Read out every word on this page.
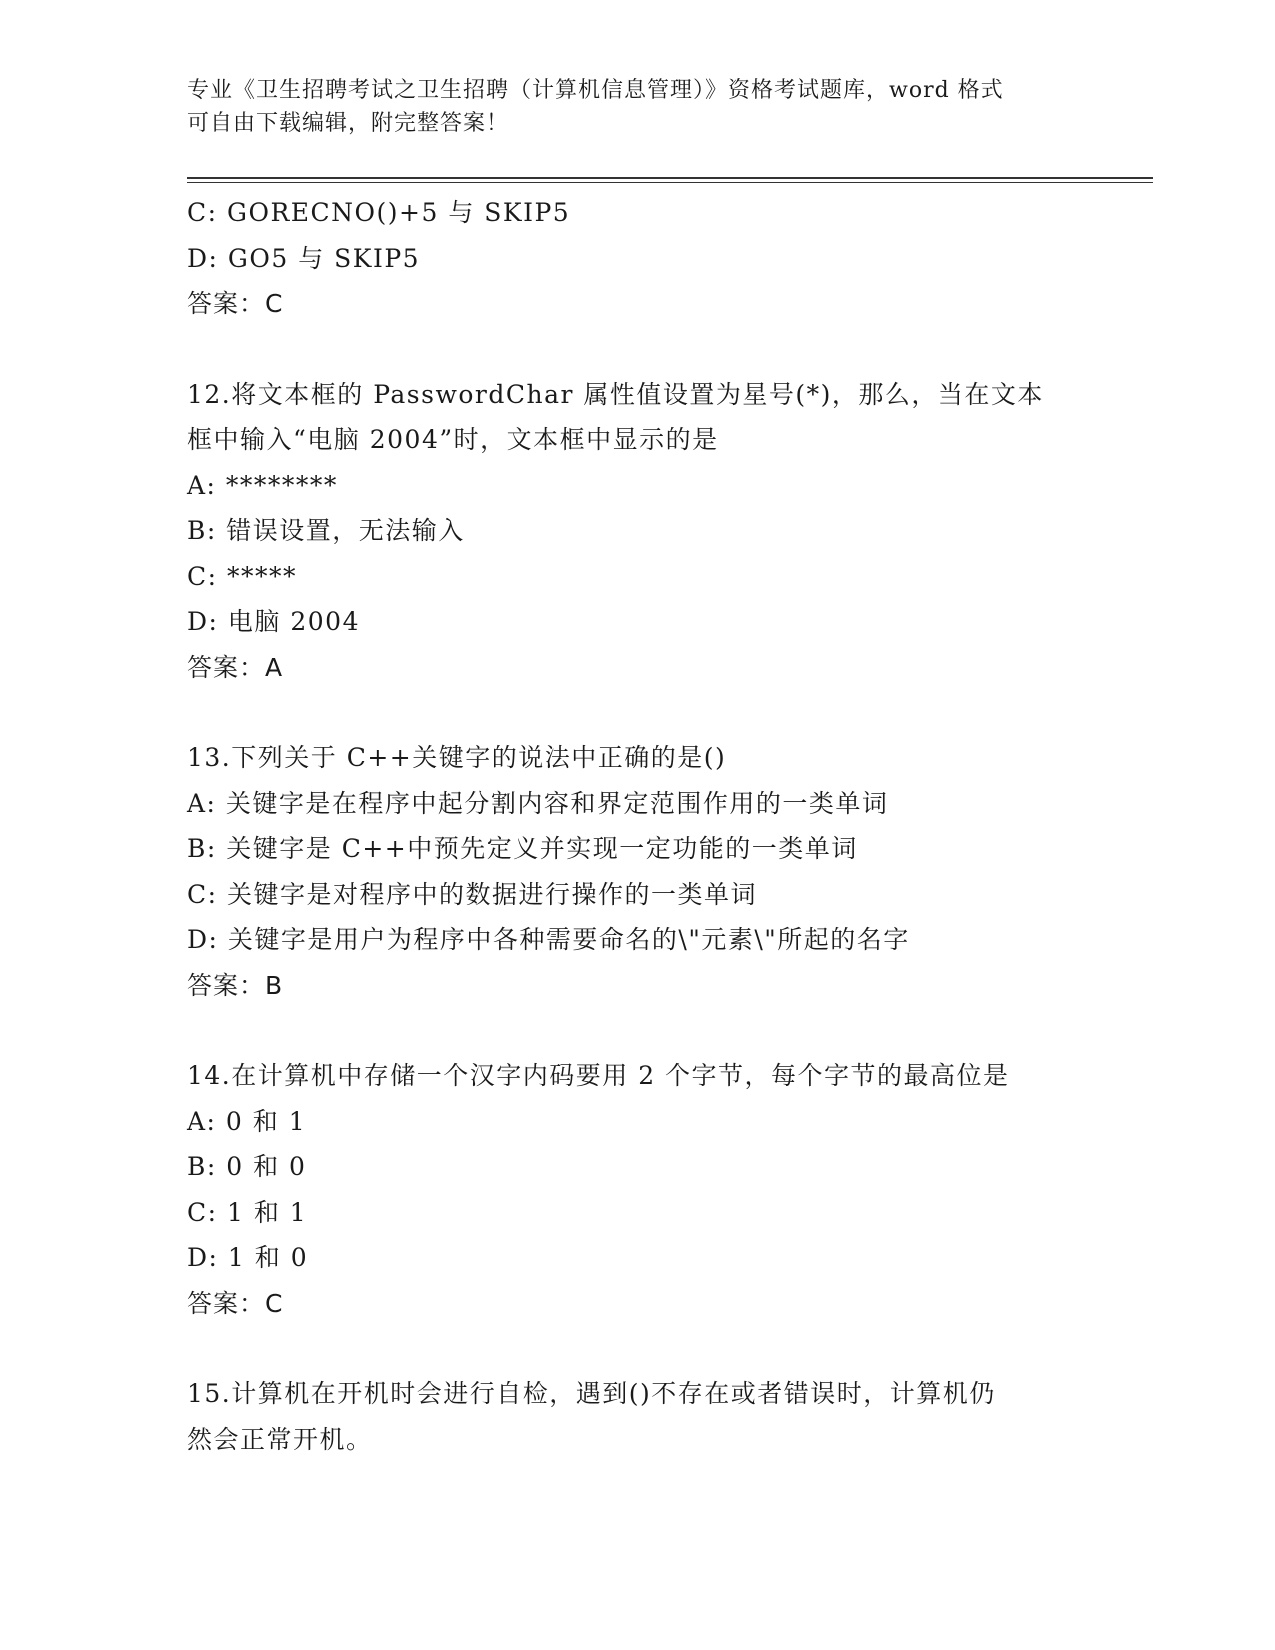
专业《卫生招聘考试之卫生招聘（计算机信息管理）》资格考试题库，word 格式
可自由下载编辑，附完整答案！
C: GORECNO()+5 与 SKIP5
D: GO5 与 SKIP5
答案：C
12.将文本框的 PasswordChar 属性值设置为星号(*)，那么，当在文本
框中输入“电脑 2004”时，文本框中显示的是
A: ********
B: 错误设置，无法输入
C: *****
D: 电脑 2004
答案：A
13.下列关于 C++关键字的说法中正确的是()
A: 关键字是在程序中起分割内容和界定范围作用的一类单词
B: 关键字是 C++中预先定义并实现一定功能的一类单词
C: 关键字是对程序中的数据进行操作的一类单词
D: 关键字是用户为程序中各种需要命名的\"元素\"所起的名字
答案：B
14.在计算机中存储一个汉字内码要用 2 个字节，每个字节的最高位是
A: 0 和 1
B: 0 和 0
C: 1 和 1
D: 1 和 0
答案：C
15.计算机在开机时会进行自检，遇到()不存在或者错误时，计算机仍
然会正常开机。
